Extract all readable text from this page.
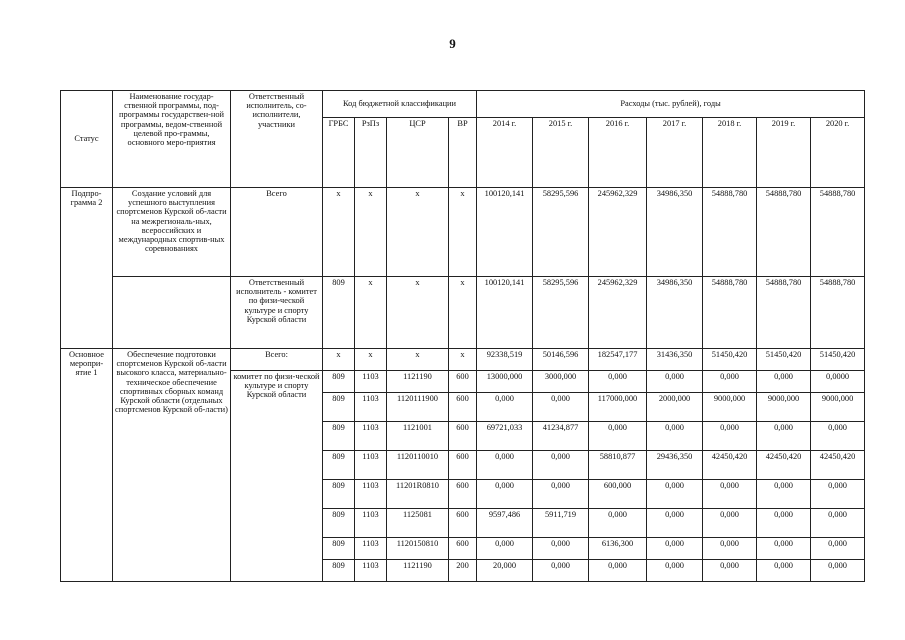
9
Статус	Наименование государ-ственной программы, под-программы государствен-ной программы, ведом-ственной целевой про-граммы, основного меро-приятия	Ответственный исполнитель, со-исполнители, участники	Код бюджетной классификации				Расходы (тыс. рублей), годы						
			ГРБС	РзПз	ЦСР	ВР	2014 г.	2015 г.	2016 г.	2017 г.	2018 г.	2019 г.	2020 г.
Подпро-грамма 2	Создание условий для успешного выступления спортсменов Курской об-ласти на межрегиональ-ных, всероссийских и международных спортив-ных соревнованиях	Всего	х	х	х	х	100120,141	58295,596	245962,329	34986,350	54888,780	54888,780	54888,780
		Ответственный исполнитель - комитет по физи-ческой культуре и спорту Курской области	809	х	х	х	100120,141	58295,596	245962,329	34986,350	54888,780	54888,780	54888,780
Основное меропри-ятие 1	Обеспечение подготовки спортсменов Курской об-ласти высокого класса, материально-техническое обеспечение спортивных сборных команд Курской области (отдельных спортсменов Курской об-ласти)	Всего:	х	х	х	х	92338,519	50146,596	182547,177	31436,350	51450,420	51450,420	51450,420
		комитет по физи-ческой культуре и спорту Курской области	809	1103	1121190	600	13000,000	3000,000	0,000	0,000	0,000	0,000	0,0000
			809	1103	1120111900	600	0,000	0,000	117000,000	2000,000	9000,000	9000,000	9000,000
			809	1103	1121001	600	69721,033	41234,877	0,000	0,000	0,000	0,000	0,000
			809	1103	1120110010	600	0,000	0,000	58810,877	29436,350	42450,420	42450,420	42450,420
			809	1103	11201R0810	600	0,000	0,000	600,000	0,000	0,000	0,000	0,000
			809	1103	1125081	600	9597,486	5911,719	0,000	0,000	0,000	0,000	0,000
			809	1103	1120150810	600	0,000	0,000	6136,300	0,000	0,000	0,000	0,000
			809	1103	1121190	200	20,000	0,000	0,000	0,000	0,000	0,000	0,000
